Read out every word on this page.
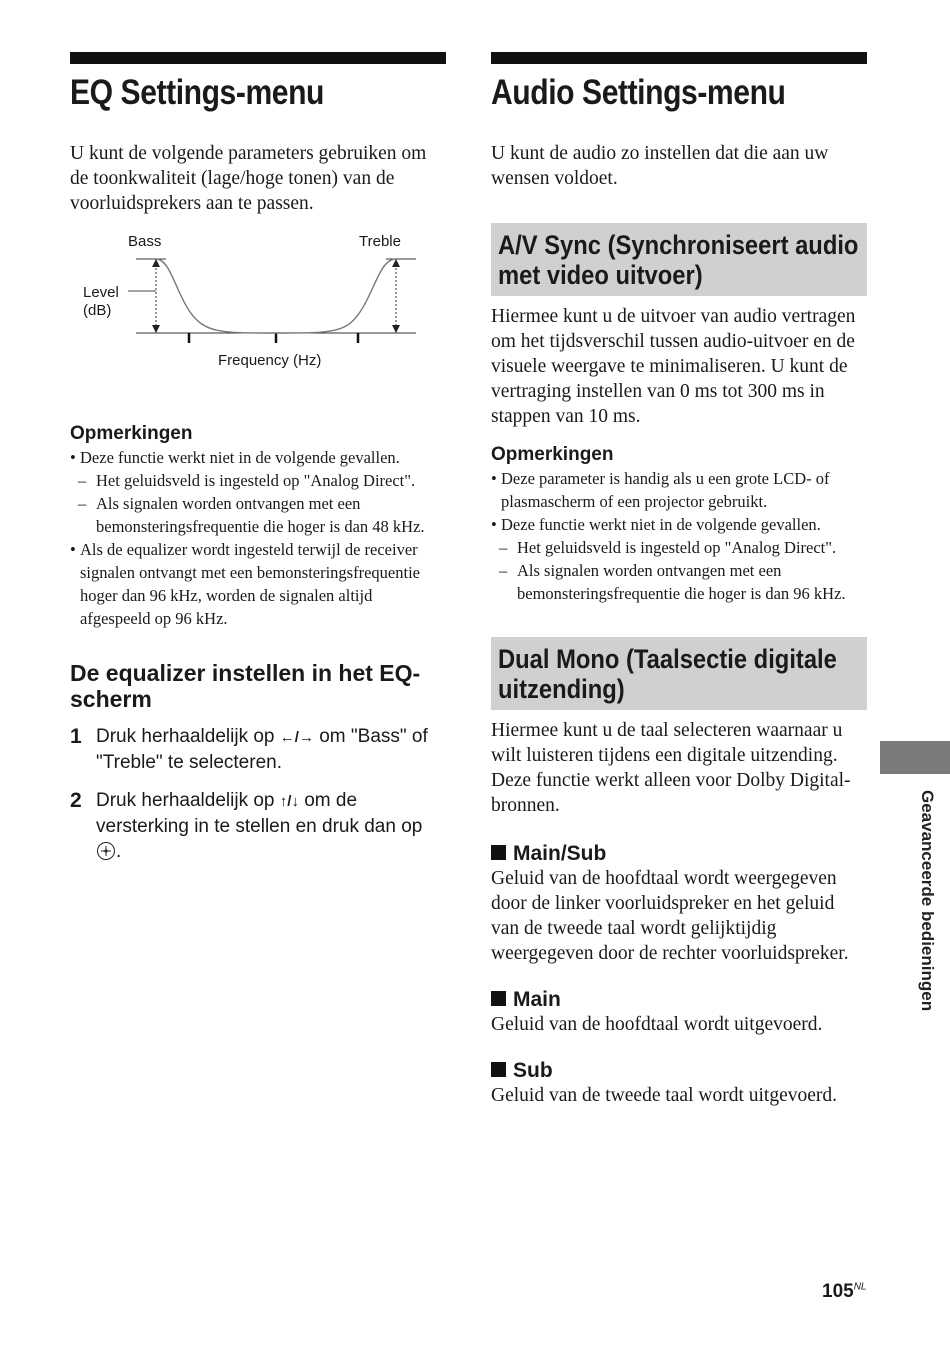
EQ Settings-menu

U kunt de volgende parameters gebruiken om de toonkwaliteit (lage/hoge tonen) van de voorluidsprekers aan te passen.

Bass	Treble
Level
(dB)
Frequency (Hz)

Opmerkingen

• Deze functie werkt niet in de volgende gevallen.
– Het geluidsveld is ingesteld op "Analog Direct".
– Als signalen worden ontvangen met een bemonsteringsfrequentie die hoger is dan 48 kHz.
• Als de equalizer wordt ingesteld terwijl de receiver signalen ontvangt met een bemonsteringsfrequentie hoger dan 96 kHz, worden de signalen altijd afgespeeld op 96 kHz.
De equalizer instellen in het EQ-scherm
1 Druk herhaaldelijk op ←/→ om "Bass" of "Treble" te selecteren.
2 Druk herhaaldelijk op ↑/↓ om de versterking in te stellen en druk dan op
.
Audio Settings-menu

U kunt de audio zo instellen dat die aan uw wensen voldoet.

A/V Sync (Synchroniseert audio
met video uitvoer)

Hiermee kunt u de uitvoer van audio vertragen om het tijdsverschil tussen audio-uitvoer en de visuele weergave te minimaliseren. U kunt de vertraging instellen van 0 ms tot 300 ms in stappen van 10 ms.

Opmerkingen

• Deze parameter is handig als u een grote LCD- of plasmascherm of een projector gebruikt.
• Deze functie werkt niet in de volgende gevallen.
– Het geluidsveld is ingesteld op "Analog Direct".
– Als signalen worden ontvangen met een bemonsteringsfrequentie die hoger is dan 96 kHz.
Dual Mono (Taalsectie digitale
uitzending)

Hiermee kunt u de taal selecteren waarnaar u wilt luisteren tijdens een digitale uitzending. Deze functie werkt alleen voor Dolby Digital-bronnen.

Main/Sub

Geluid van de hoofdtaal wordt weergegeven door de linker voorluidspreker en het geluid van de tweede taal wordt gelijktijdig weergegeven door de rechter voorluidspreker.

Main

Geluid van de hoofdtaal wordt uitgevoerd.

Sub

Geluid van de tweede taal wordt uitgevoerd.

Geavanceerde bedieningen
$105^{NL}$
